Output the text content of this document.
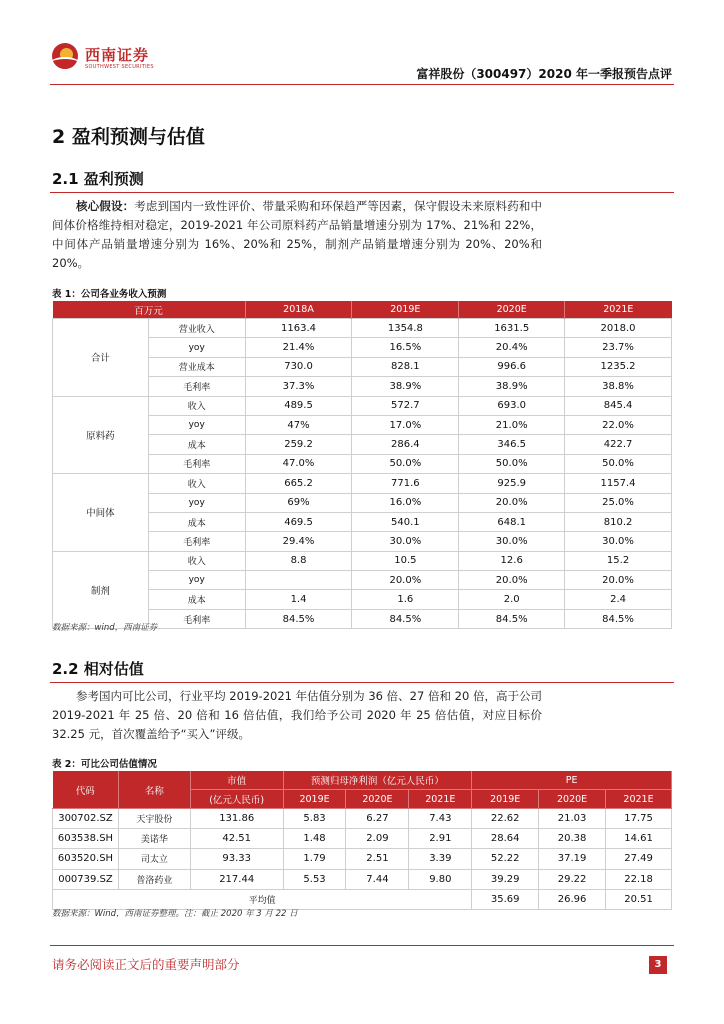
西南证券
SOUTHWEST SECURITIES	富祥股份（300497）2020 年一季报预告点评
2 盈利预测与估值
2.1 盈利预测
核心假设：考虑到国内一致性评价、带量采购和环保趋严等因素，保守假设未来原料药和中间体价格维持相对稳定，2019-2021 年公司原料药产品销量增速分别为 17%、21%和 22%，中间体产品销量增速分别为 16%、20%和 25%，制剂产品销量增速分别为 20%、20%和 20%。
表 1：公司各业务收入预测
百万元		2018A	2019E	2020E	2021E
合计	营业收入	1163.4	1354.8	1631.5	2018.0
	yoy	21.4%	16.5%	20.4%	23.7%
	营业成本	730.0	828.1	996.6	1235.2
	毛利率	37.3%	38.9%	38.9%	38.8%
原料药	收入	489.5	572.7	693.0	845.4
	yoy	47%	17.0%	21.0%	22.0%
	成本	259.2	286.4	346.5	422.7
	毛利率	47.0%	50.0%	50.0%	50.0%
中间体	收入	665.2	771.6	925.9	1157.4
	yoy	69%	16.0%	20.0%	25.0%
	成本	469.5	540.1	648.1	810.2
	毛利率	29.4%	30.0%	30.0%	30.0%
制剂	收入	8.8	10.5	12.6	15.2
	yoy		20.0%	20.0%	20.0%
	成本	1.4	1.6	2.0	2.4
	毛利率	84.5%	84.5%	84.5%	84.5%
数据来源：wind，西南证券
2.2 相对估值
参考国内可比公司，行业平均 2019-2021 年估值分别为 36 倍、27 倍和 20 倍，高于公司 2019-2021 年 25 倍、20 倍和 16 倍估值，我们给予公司 2020 年 25 倍估值，对应目标价 32.25 元，首次覆盖给予“买入”评级。
表 2：可比公司估值情况
代码	名称	市值	预测归母净利润（亿元人民币）			PE		
		(亿元人民币)	2019E	2020E	2021E	2019E	2020E	2021E
300702.SZ	天宇股份	131.86	5.83	6.27	7.43	22.62	21.03	17.75
603538.SH	美诺华	42.51	1.48	2.09	2.91	28.64	20.38	14.61
603520.SH	司太立	93.33	1.79	2.51	3.39	52.22	37.19	27.49
000739.SZ	普洛药业	217.44	5.53	7.44	9.80	39.29	29.22	22.18
平均值						35.69	26.96	20.51
数据来源：Wind，西南证券整理。注：截止 2020 年 3 月 22 日
请务必阅读正文后的重要声明部分	3
